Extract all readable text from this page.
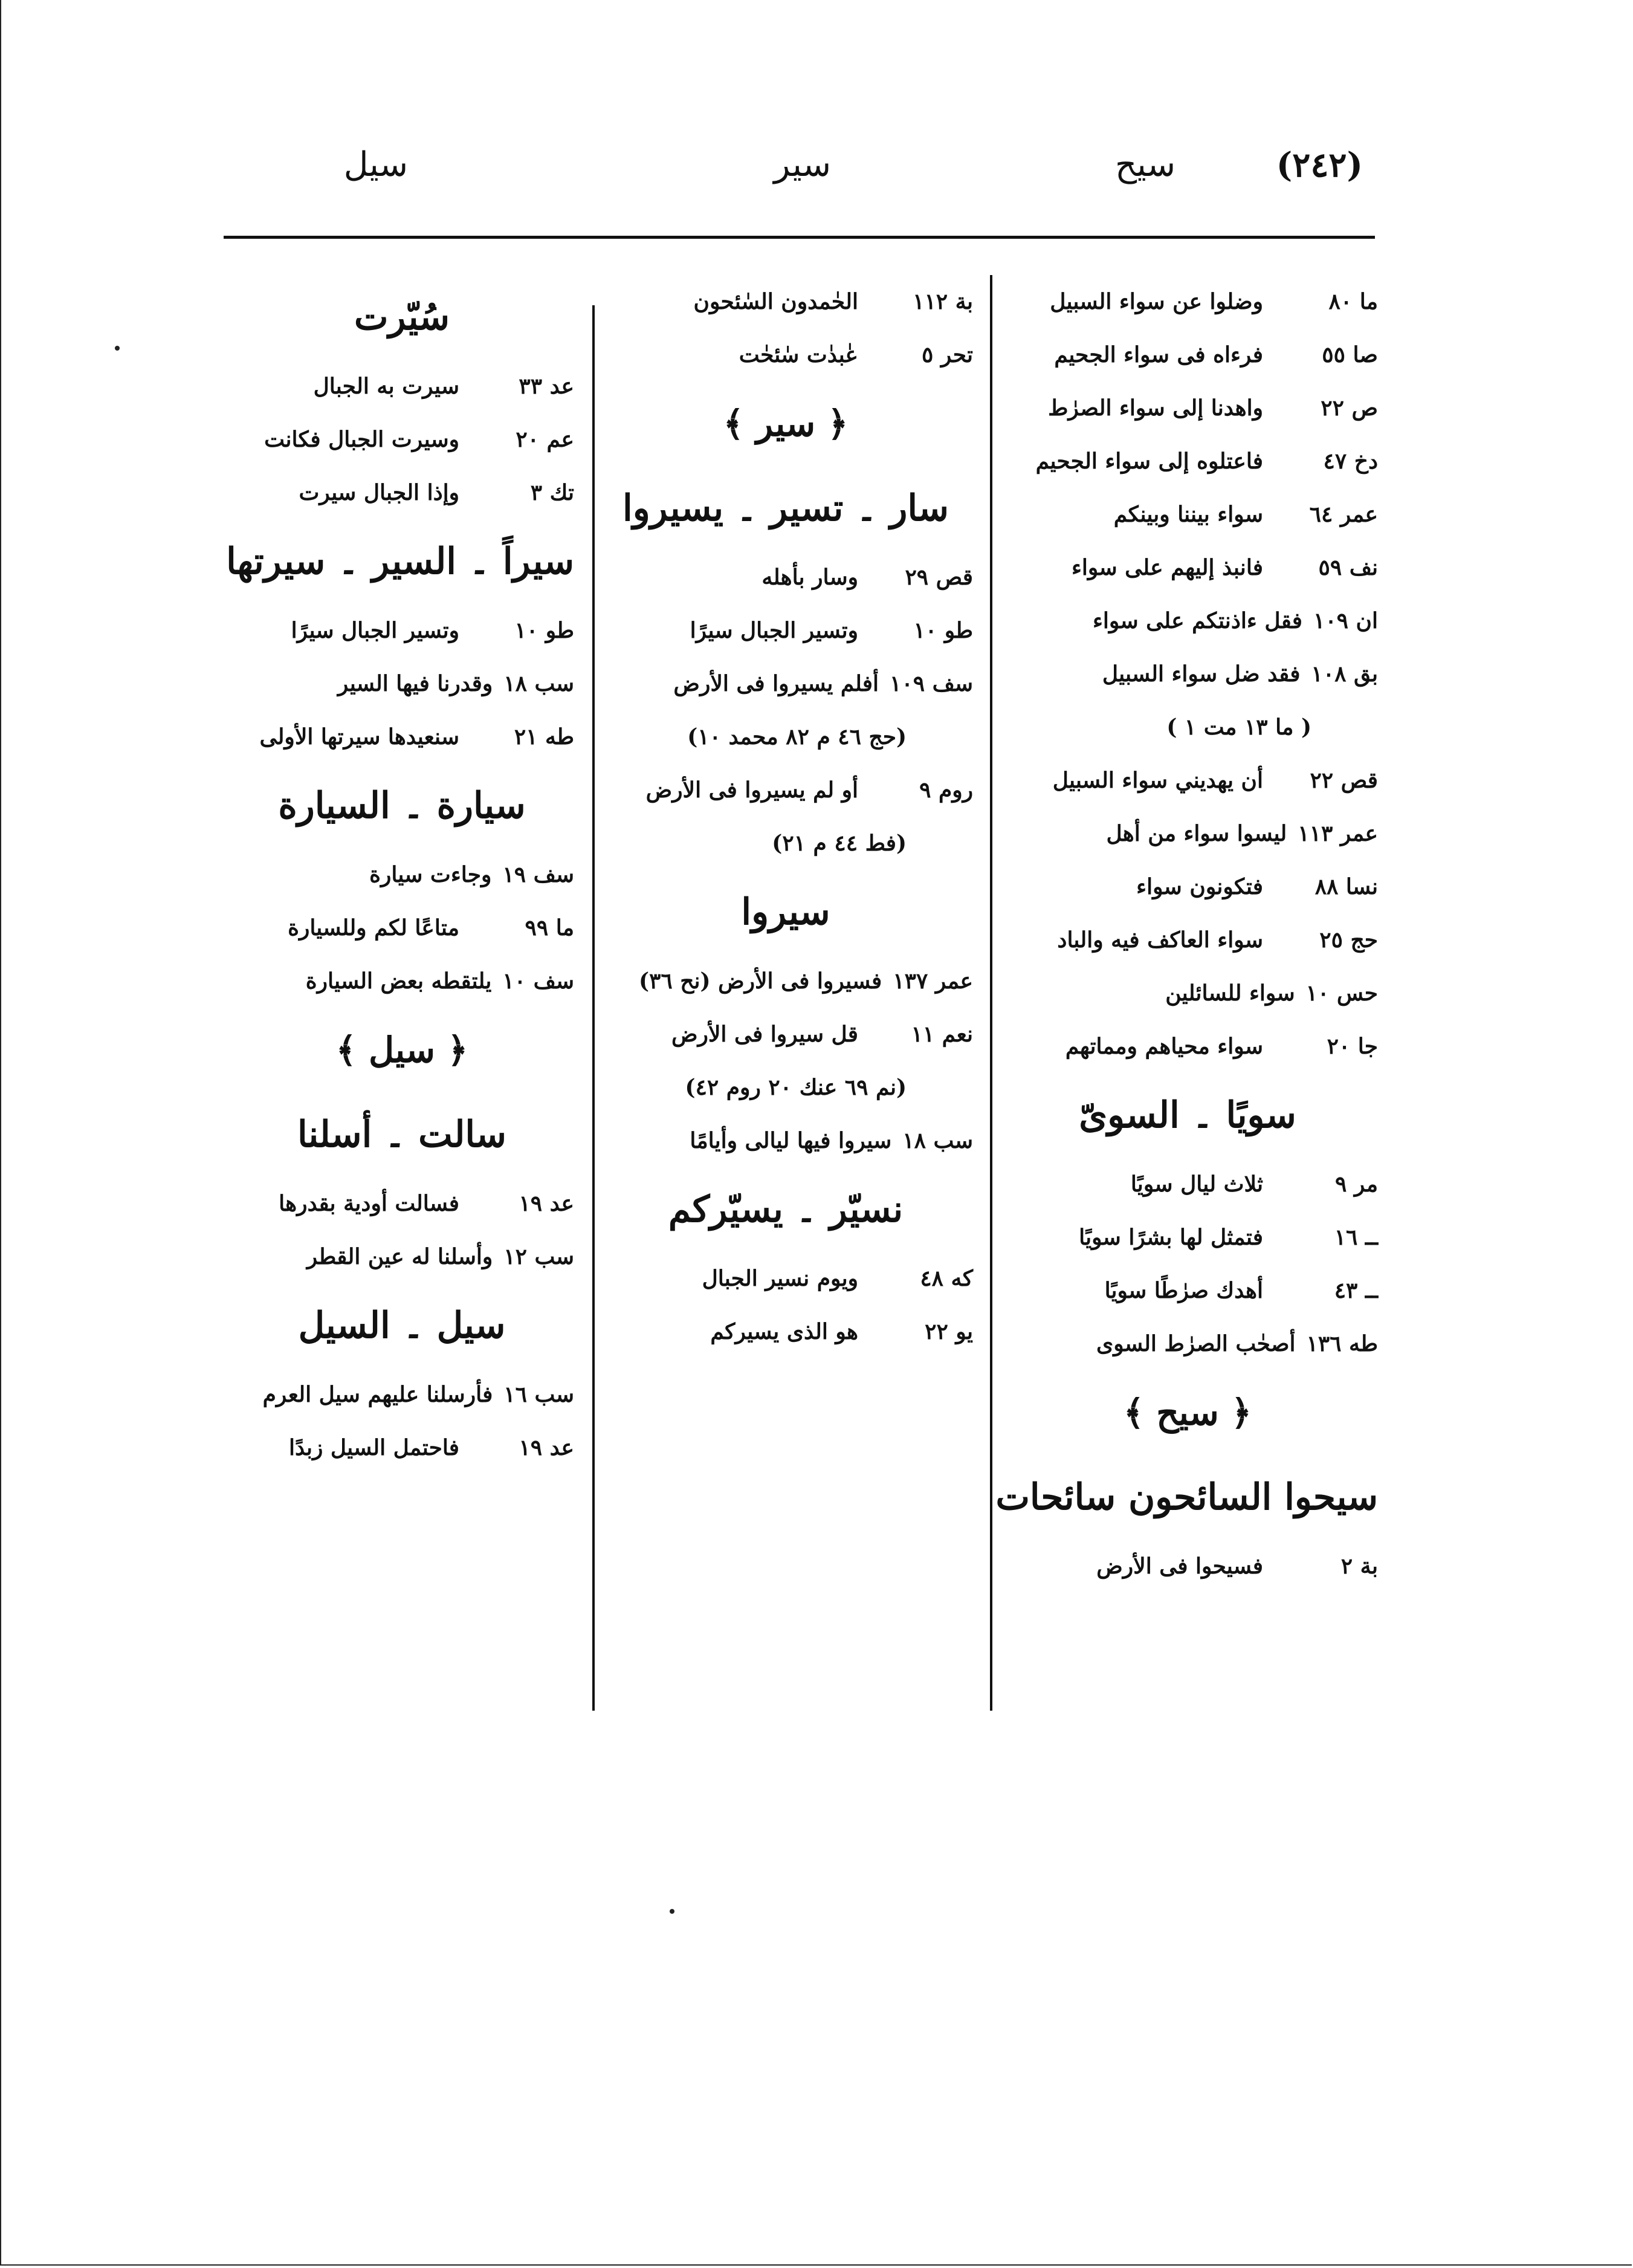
(٢٤٢)
سيح
سير
سيل
ما ٨٠وضلوا عن سواء السبيل
صا ٥٥فرءاه فى سواء الجحيم
ص ٢٢واهدنا إلى سواء الصرٰط
دخ ٤٧فاعتلوه إلى سواء الجحيم
عمر ٦٤سواء بيننا وبينكم
نف ٥٩فانبذ إليهم على سواء
ان ١٠٩فقل ءاذنتكم على سواء
بق ١٠٨فقد ضل سواء السبيل
( ما ١٣ مت ١ )
قص ٢٢أن يهديني سواء السبيل
عمر ١١٣ليسوا سواء من أهل
نسا ٨٨فتكونون سواء
حج ٢٥سواء العاكف فيه والباد
حس ١٠سواء للسائلين
جا ٢٠سواء محياهم ومماتهم
سويًا ۔ السوىّ
مر ٩ثلاث ليال سويًا
ــ ١٦فتمثل لها بشرًا سويًا
ــ ٤٣أهدك صرٰطًا سويًا
طه ١٣٦أصحٰب الصرٰط السوى
﴿ سيح ﴾
سيحوا السائحون سائحات
بة ٢فسيحوا فى الأرض
بة ١١٢الحٰمدون السٰئحون
تحر ٥عٰبدٰت سٰئحٰت
﴿ سير ﴾
سار ۔ تسير ۔ يسيروا
قص ٢٩وسار بأهله
طو ١٠وتسير الجبال سيرًا
سف ١٠٩أفلم يسيروا فى الأرض
(حج ٤٦ م ٨٢ محمد ١٠)
روم ٩أو لم يسيروا فى الأرض
(فط ٤٤ م ٢١)
سيروا
عمر ١٣٧فسيروا فى الأرض (نح ٣٦)
نعم ١١قل سيروا فى الأرض
(نم ٦٩ عنك ٢٠ روم ٤٢)
سب ١٨سيروا فيها ليالى وأيامًا
نسيّر ۔ يسيّركم
كه ٤٨ويوم نسير الجبال
يو ٢٢هو الذى يسيركم
سُيّرت
عد ٣٣سيرت به الجبال
عم ٢٠وسيرت الجبال فكانت
تك ٣وإذا الجبال سيرت
سيراً ۔ السير ۔ سيرتها
طو ١٠وتسير الجبال سيرًا
سب ١٨وقدرنا فيها السير
طه ٢١سنعيدها سيرتها الأولى
سيارة ۔ السيارة
سف ١٩وجاءت سيارة
ما ٩٩متاعًا لكم وللسيارة
سف ١٠يلتقطه بعض السيارة
﴿ سيل ﴾
سالت ۔ أسلنا
عد ١٩فسالت أودية بقدرها
سب ١٢وأسلنا له عين القطر
سيل ۔ السيل
سب ١٦فأرسلنا عليهم سيل العرم
عد ١٩فاحتمل السيل زبدًا
